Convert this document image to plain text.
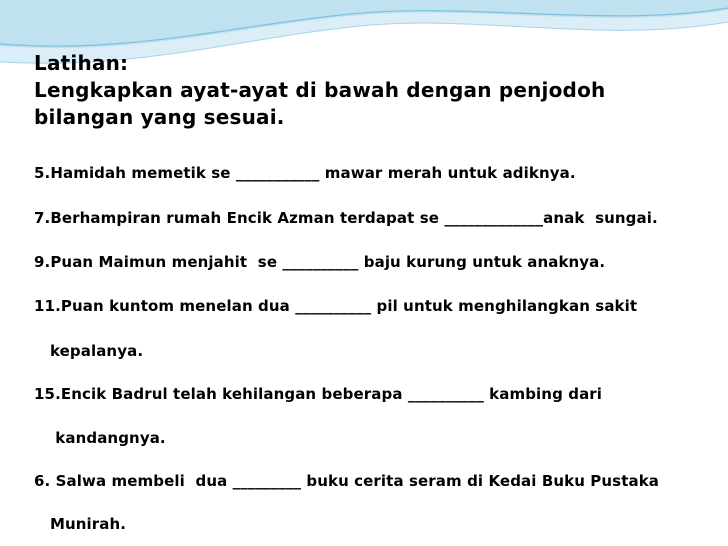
Latihan:
Lengkapkan ayat-ayat di bawah dengan penjodoh
bilangan yang sesuai.
5.Hamidah memetik se ___________ mawar merah untuk adiknya.
7.Berhampiran rumah Encik Azman terdapat se _____________anak  sungai.
9.Puan Maimun menjahit  se __________ baju kurung untuk anaknya.
11.Puan kuntom menelan dua __________ pil untuk menghilangkan sakit
kepalanya.
15.Encik Badrul telah kehilangan beberapa __________ kambing dari
kandangnya.
6. Salwa membeli  dua _________ buku cerita seram di Kedai Buku Pustaka
Munirah.
